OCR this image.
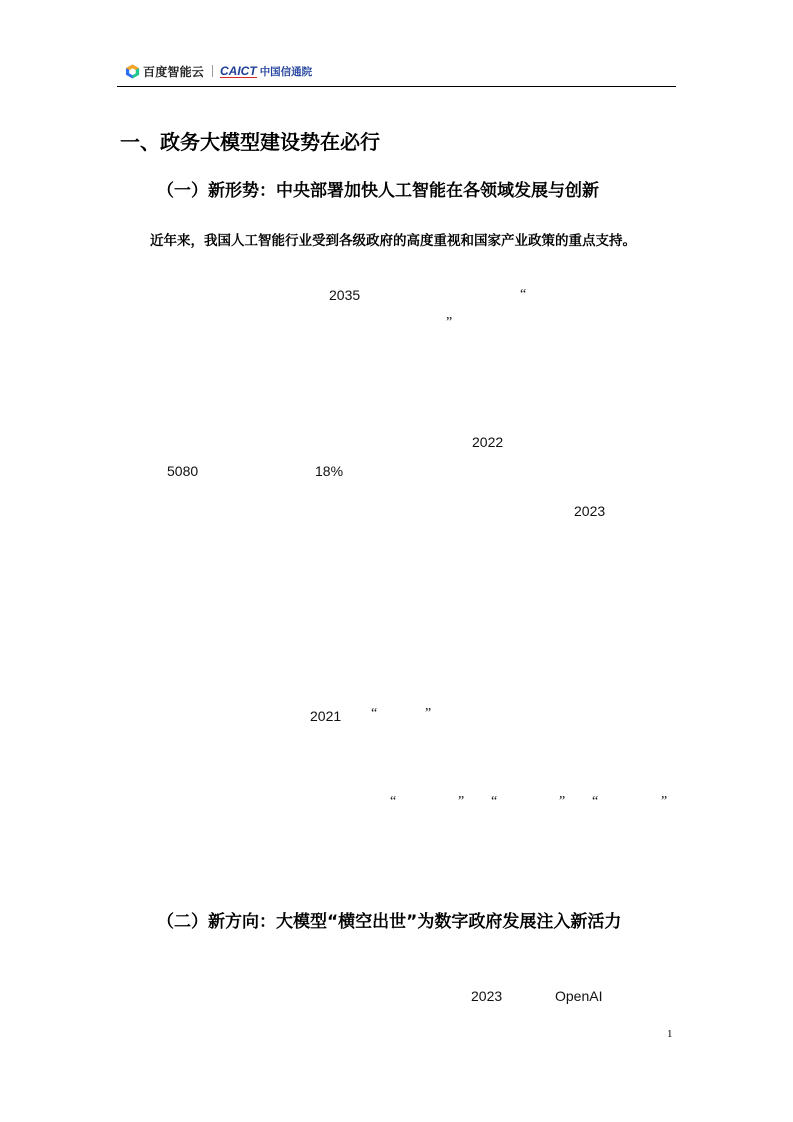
百度智能云 CAICT 中国信通院
一、政务大模型建设势在必行
（一）新形势：中央部署加快人工智能在各领域发展与创新
近年来，我国人工智能行业受到各级政府的高度重视和国家产业政策的重点支持。
2035	“
”
2022
5080	18%
2023
2021 “	”
“	” “	” “	”
（二）新方向：大模型“横空出世”为数字政府发展注入新活力
2023	OpenAI
1
